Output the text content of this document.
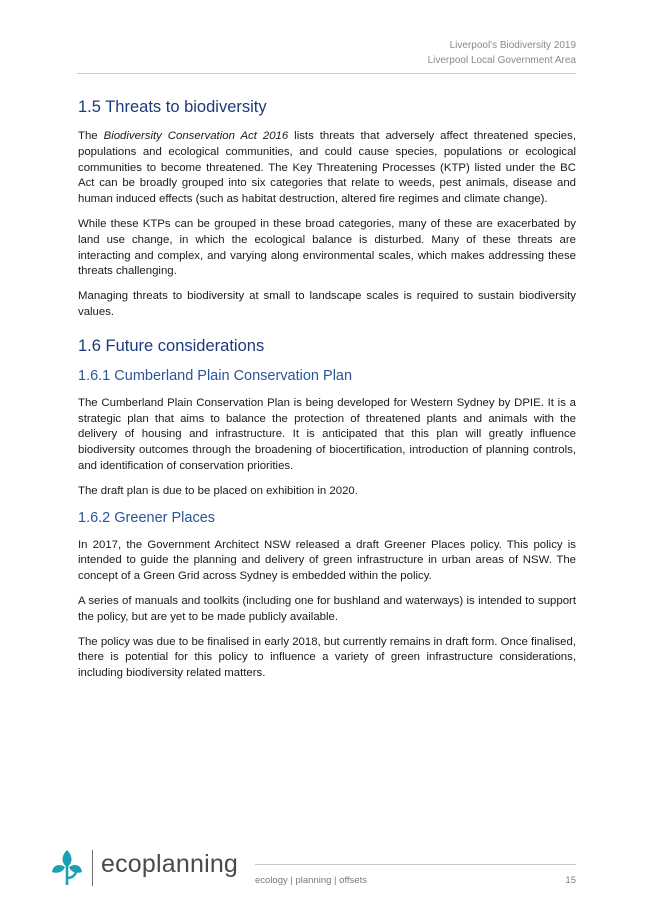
Liverpool's Biodiversity 2019
Liverpool Local Government Area
1.5 Threats to biodiversity

The Biodiversity Conservation Act 2016 lists threats that adversely affect threatened species, populations and ecological communities, and could cause species, populations or ecological communities to become threatened. The Key Threatening Processes (KTP) listed under the BC Act can be broadly grouped into six categories that relate to weeds, pest animals, disease and human induced effects (such as habitat destruction, altered fire regimes and climate change).

While these KTPs can be grouped in these broad categories, many of these are exacerbated by land use change, in which the ecological balance is disturbed. Many of these threats are interacting and complex, and varying along environmental scales, which makes addressing these threats challenging.

Managing threats to biodiversity at small to landscape scales is required to sustain biodiversity values.

1.6 Future considerations
1.6.1 Cumberland Plain Conservation Plan

The Cumberland Plain Conservation Plan is being developed for Western Sydney by DPIE. It is a strategic plan that aims to balance the protection of threatened plants and animals with the delivery of housing and infrastructure. It is anticipated that this plan will greatly influence biodiversity outcomes through the broadening of biocertification, introduction of planning controls, and identification of conservation priorities.

The draft plan is due to be placed on exhibition in 2020.

1.6.2 Greener Places

In 2017, the Government Architect NSW released a draft Greener Places policy. This policy is intended to guide the planning and delivery of green infrastructure in urban areas of NSW. The concept of a Green Grid across Sydney is embedded within the policy.

A series of manuals and toolkits (including one for bushland and waterways) is intended to support the policy, but are yet to be made publicly available.

The policy was due to be finalised in early 2018, but currently remains in draft form. Once finalised, there is potential for this policy to influence a variety of green infrastructure considerations, including biodiversity related matters.

ecoplanning
ecology | planning | offsets	15
